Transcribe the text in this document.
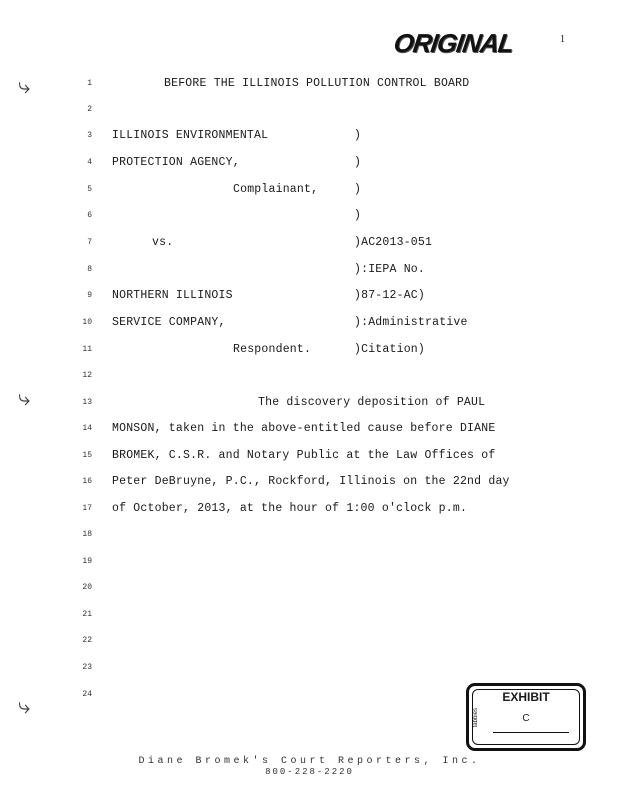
ORIGINAL	1
⤷
⤷
⤷
1	BEFORE THE ILLINOIS POLLUTION CONTROL BOARD
2
3 ILLINOIS ENVIRONMENTAL	)
4 PROTECTION AGENCY,	)
5	Complainant,	)
6	)
7	vs.	)AC2013-051
8	):IEPA No.
9 NORTHERN ILLINOIS	)87-12-AC)
10 SERVICE COMPANY,	):Administrative
11	Respondent.	)Citation)
12
13	The discovery deposition of PAUL
14 MONSON, taken in the above-entitled cause before DIANE
15 BROMEK, C.S.R. and Notary Public at the Law Offices of
16 Peter DeBruyne, P.C., Rockford, Illinois on the 22nd day
17 of October, 2013, at the hour of 1:00 o'clock p.m.
18
19
20
21
22
23
24	EXHIBIT
tabbies	C
Diane Bromek's Court Reporters, Inc.
800-228-2220
